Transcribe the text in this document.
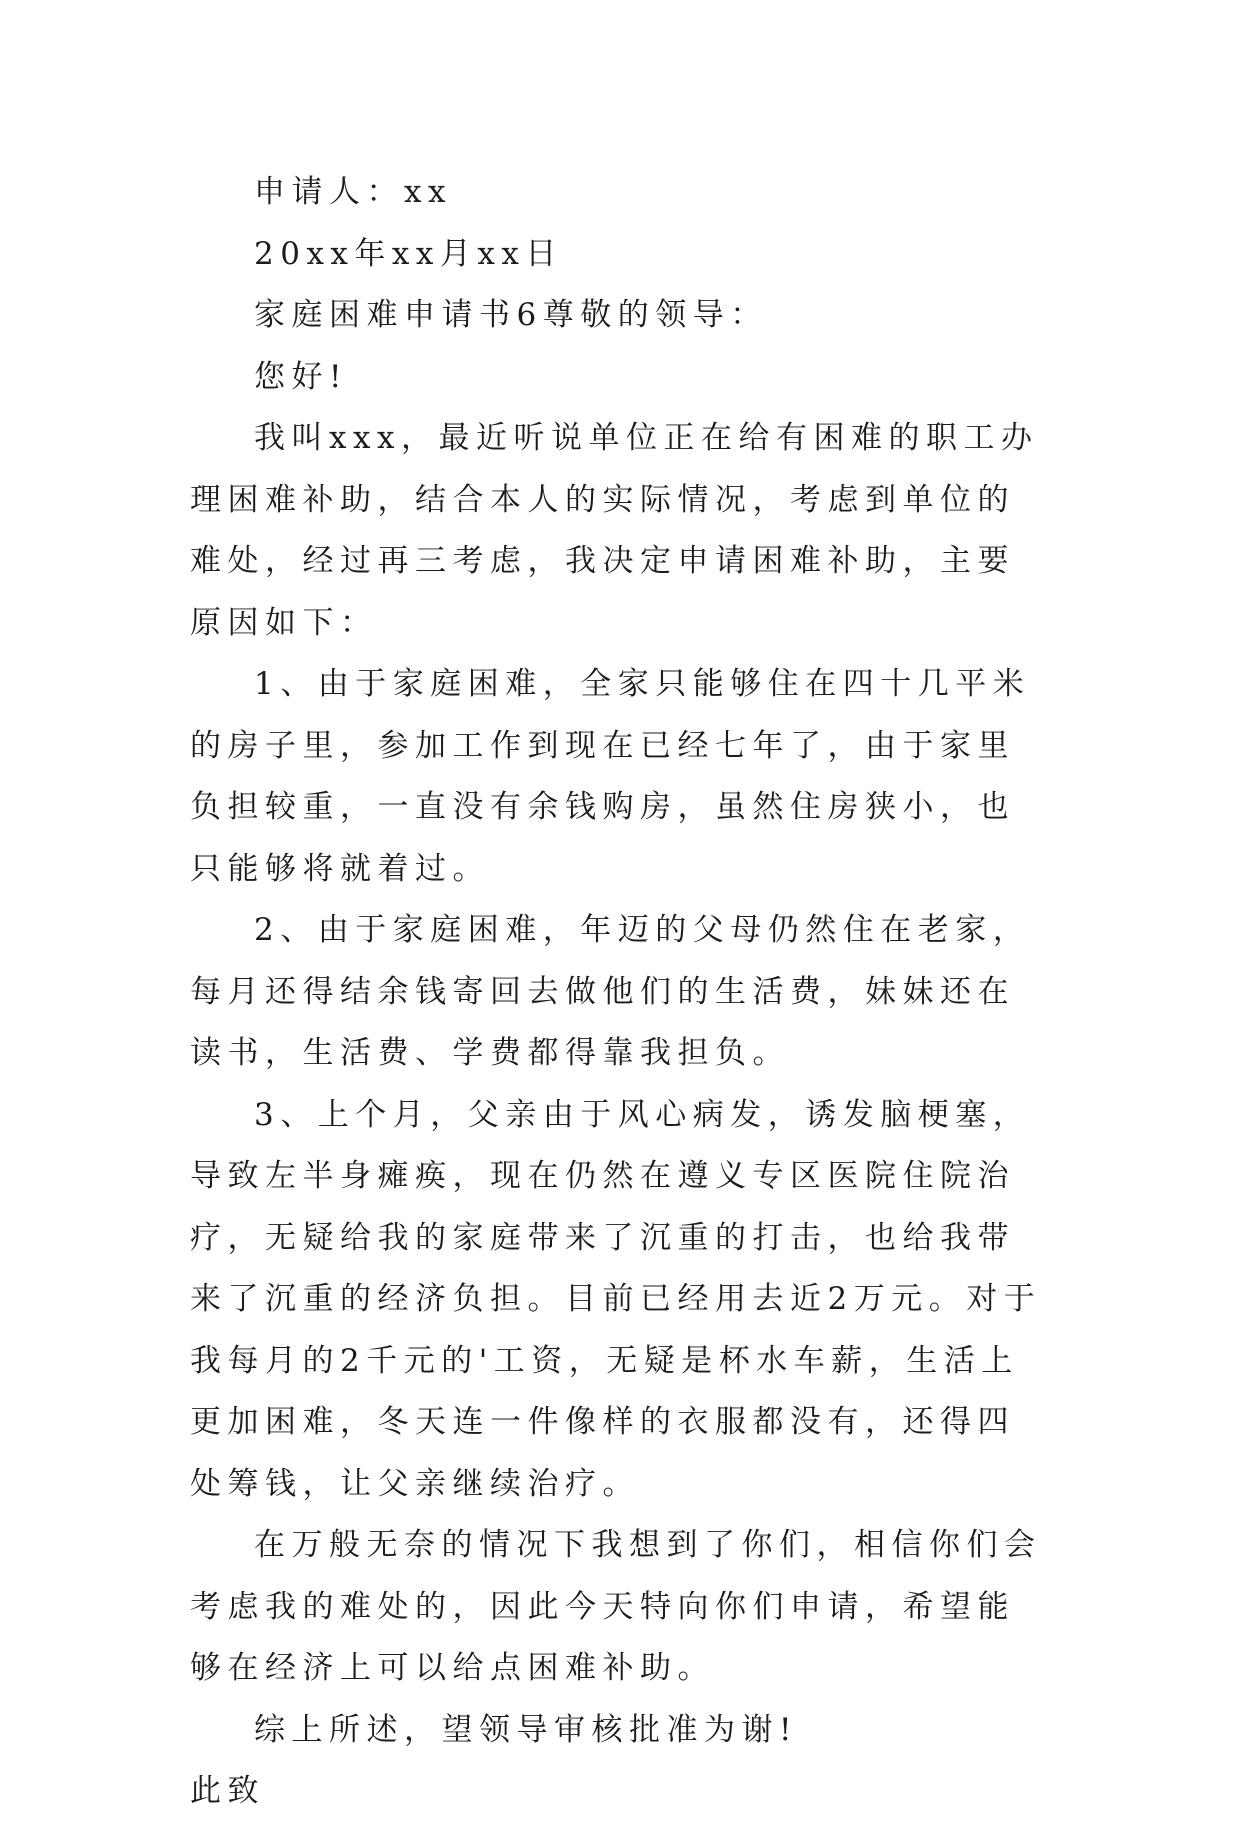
申请人：xx

20xx年xx月xx日

家庭困难申请书6尊敬的领导：

您好!

我叫xxx，最近听说单位正在给有困难的职工办理困难补助，结合本人的实际情况，考虑到单位的难处，经过再三考虑，我决定申请困难补助，主要原因如下：

1、由于家庭困难，全家只能够住在四十几平米的房子里，参加工作到现在已经七年了，由于家里负担较重，一直没有余钱购房，虽然住房狭小，也只能够将就着过。

2、由于家庭困难，年迈的父母仍然住在老家，每月还得结余钱寄回去做他们的生活费，妹妹还在读书，生活费、学费都得靠我担负。

3、上个月，父亲由于风心病发，诱发脑梗塞，导致左半身瘫痪，现在仍然在遵义专区医院住院治疗，无疑给我的家庭带来了沉重的打击，也给我带来了沉重的经济负担。目前已经用去近2万元。对于我每月的2千元的'工资，无疑是杯水车薪，生活上更加困难，冬天连一件像样的衣服都没有，还得四处筹钱，让父亲继续治疗。

在万般无奈的情况下我想到了你们，相信你们会考虑我的难处的，因此今天特向你们申请，希望能够在经济上可以给点困难补助。

综上所述，望领导审核批准为谢!

此致
